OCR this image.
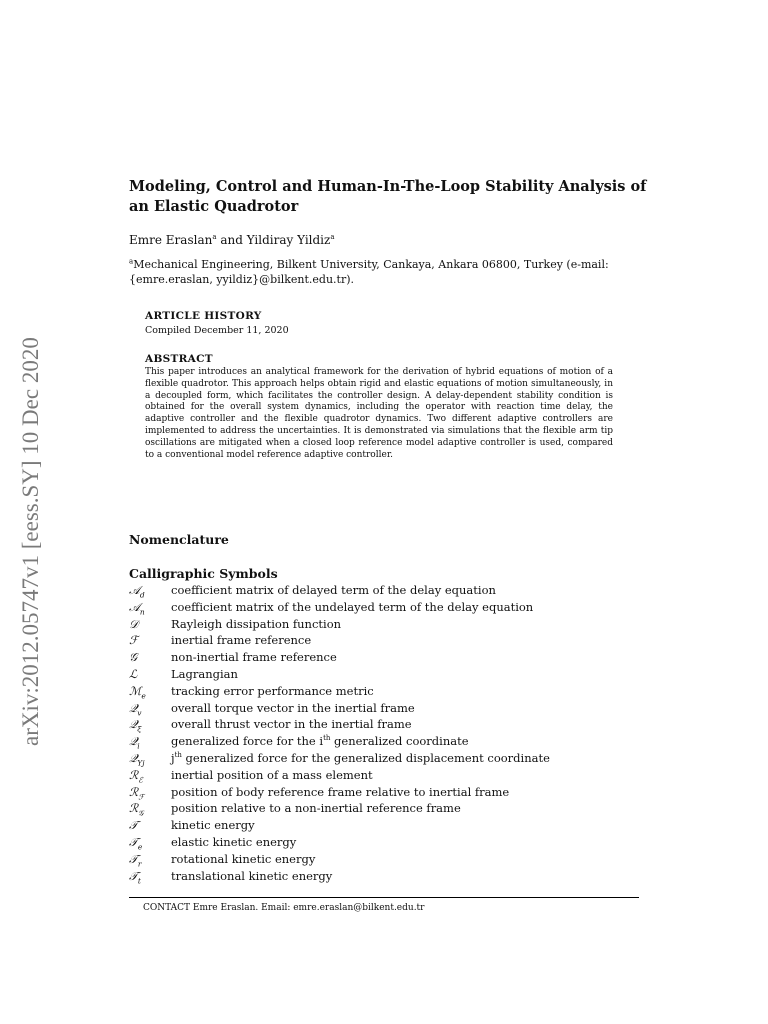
arXiv:2012.05747v1 [eess.SY] 10 Dec 2020
Modeling, Control and Human-In-The-Loop Stability Analysis of an Elastic Quadrotor
Emre Eraslan$^a$ and Yildiray Yildiz$^a$
$^a$Mechanical Engineering, Bilkent University, Cankaya, Ankara 06800, Turkey (e-mail: {emre.eraslan, yyildiz}@bilkent.edu.tr).
ARTICLE HISTORY
Compiled December 11, 2020
ABSTRACT
This paper introduces an analytical framework for the derivation of hybrid equations of motion of a flexible quadrotor. This approach helps obtain rigid and elastic equations of motion simultaneously, in a decoupled form, which facilitates the controller design. A delay-dependent stability condition is obtained for the overall system dynamics, including the operator with reaction time delay, the adaptive controller and the flexible quadrotor dynamics. Two different adaptive controllers are implemented to address the uncertainties. It is demonstrated via simulations that the flexible arm tip oscillations are mitigated when a closed loop reference model adaptive controller is used, compared to a conventional model reference adaptive controller.
Nomenclature
Calligraphic Symbols
𝒜$_d$ coefficient matrix of delayed term of the delay equation
𝒜$_n$ coefficient matrix of the undelayed term of the delay equation
𝒟	Rayleigh dissipation function
ℱ	inertial frame reference
𝒢	non-inertial frame reference
ℒ	Lagrangian
ℳ$_e$ tracking error performance metric
𝒬$_v$	overall torque vector in the inertial frame
𝒬$_\xi$	overall thrust vector in the inertial frame
𝒬$_i$	generalized force for the $i^{th}$ generalized coordinate
𝒬$_{\Upsilon j}$ $j^{th}$ generalized force for the generalized displacement coordinate
ℛ$_ℰ$ inertial position of a mass element
ℛ$_ℱ$ position of body reference frame relative to inertial frame
ℛ$_𝒢$ position relative to a non-inertial reference frame
𝒯	kinetic energy
𝒯$_e$ elastic kinetic energy
𝒯$_r$	rotational kinetic energy
𝒯$_t$	translational kinetic energy
CONTACT Emre Eraslan. Email: emre.eraslan@bilkent.edu.tr
